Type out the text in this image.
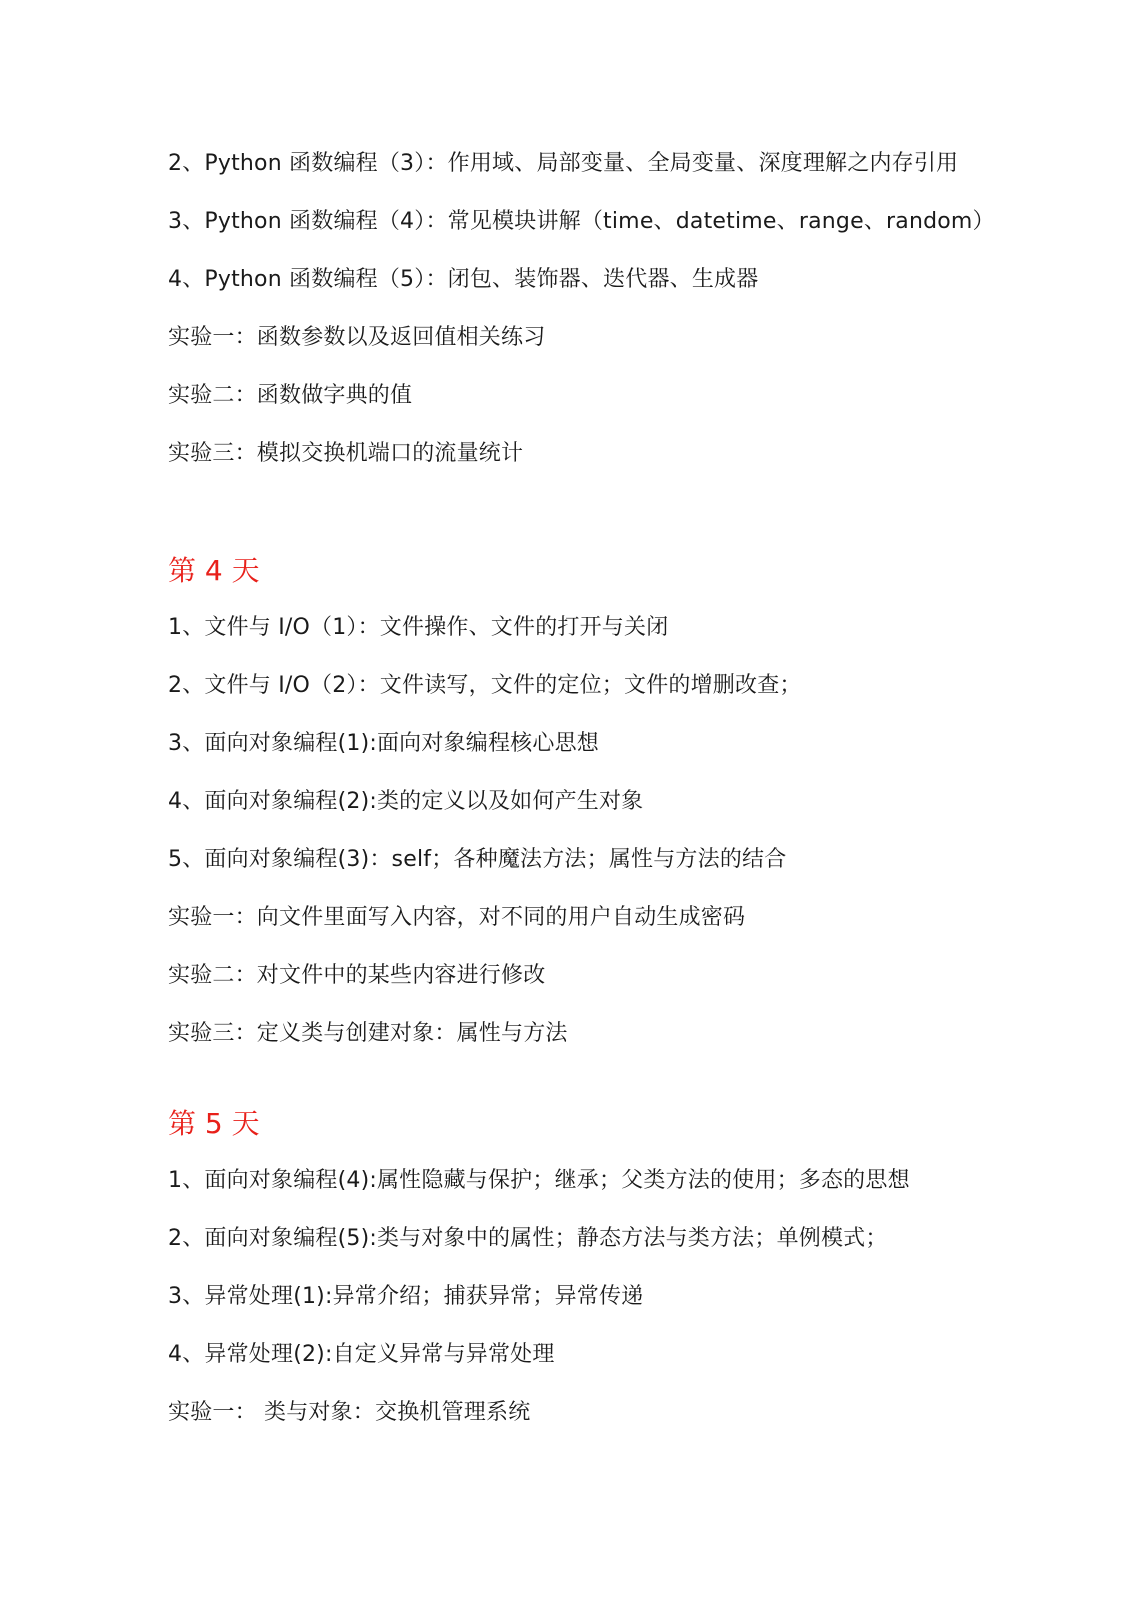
2、Python 函数编程（3）：作用域、局部变量、全局变量、深度理解之内存引用
3、Python 函数编程（4）：常见模块讲解（time、datetime、range、random）
4、Python 函数编程（5）：闭包、装饰器、迭代器、生成器
实验一：函数参数以及返回值相关练习
实验二：函数做字典的值
实验三：模拟交换机端口的流量统计
第 4 天
1、文件与 I/O（1）：文件操作、文件的打开与关闭
2、文件与 I/O（2）：文件读写，文件的定位；文件的增删改查；
3、面向对象编程(1):面向对象编程核心思想
4、面向对象编程(2):类的定义以及如何产生对象
5、面向对象编程(3)：self；各种魔法方法；属性与方法的结合
实验一：向文件里面写入内容，对不同的用户自动生成密码
实验二：对文件中的某些内容进行修改
实验三：定义类与创建对象：属性与方法
第 5 天
1、面向对象编程(4):属性隐藏与保护；继承；父类方法的使用；多态的思想
2、面向对象编程(5):类与对象中的属性；静态方法与类方法；单例模式；
3、异常处理(1):异常介绍；捕获异常；异常传递
4、异常处理(2):自定义异常与异常处理
实验一： 类与对象：交换机管理系统
